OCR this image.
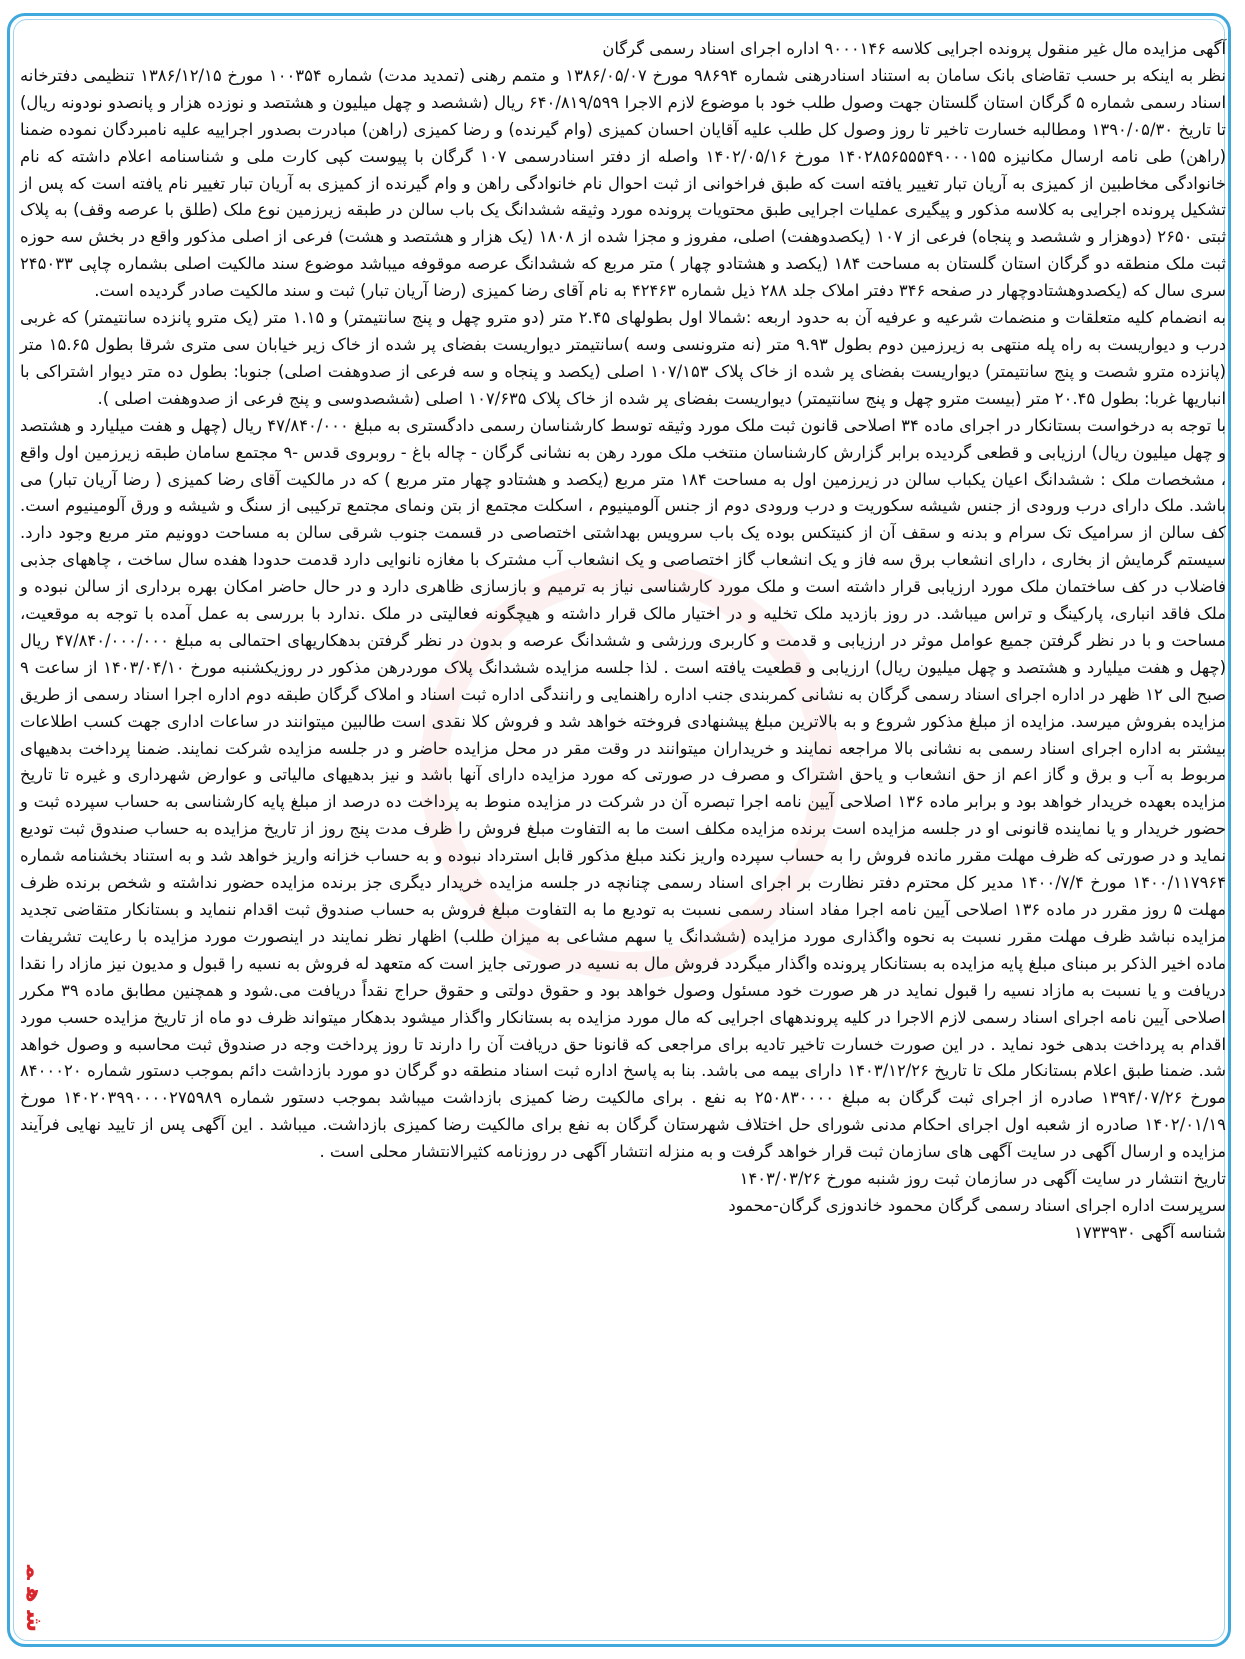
آگهی مزایده مال غیر منقول پرونده اجرایی کلاسه ۹۰۰۰۱۴۶ اداره اجرای اسناد رسمی گرگان

نظر به اینکه بر حسب تقاضای بانک سامان به استناد اسنادرهنی شماره ۹۸۶۹۴ مورخ ۱۳۸۶/۰۵/۰۷ و متمم رهنی (تمدید مدت) شماره ۱۰۰۳۵۴ مورخ ۱۳۸۶/۱۲/۱۵ تنظیمی دفترخانه اسناد رسمی شماره ۵ گرگان استان گلستان جهت وصول طلب خود با موضوع لازم الاجرا ۶۴۰/۸۱۹/۵۹۹ ریال (ششصد و چهل میلیون و هشتصد و نوزده هزار و پانصدو نودونه ریال) تا تاریخ ۱۳۹۰/۰۵/۳۰ ومطالبه خسارت تاخیر تا روز وصول کل طلب علیه آقایان احسان کمیزی (وام گیرنده) و رضا کمیزی (راهن) مبادرت بصدور اجراییه علیه نامبردگان نموده ضمنا (راهن) طی نامه ارسال مکانیزه ۱۴۰۲۸۵۶۵۵۵۴۹۰۰۰۱۵۵ مورخ ۱۴۰۲/۰۵/۱۶ واصله از دفتر اسنادرسمی ۱۰۷ گرگان با پیوست کپی کارت ملی و شناسنامه اعلام داشته که نام خانوادگی مخاطبین از کمیزی به آریان تبار تغییر یافته است که طبق فراخوانی از ثبت احوال نام خانوادگی راهن و وام گیرنده از کمیزی به آریان تبار تغییر نام یافته است که پس از تشکیل پرونده اجرایی به کلاسه مذکور و پیگیری عملیات اجرایی طبق محتویات پرونده مورد وثیقه ششدانگ یک باب سالن در طبقه زیرزمین نوع ملک (طلق با عرصه وقف) به پلاک ثبتی ۲۶۵۰ (دوهزار و ششصد و پنجاه) فرعی از ۱۰۷ (یکصدوهفت) اصلی، مفروز و مجزا شده از ۱۸۰۸ (یک هزار و هشتصد و هشت) فرعی از اصلی مذکور واقع در بخش سه حوزه ثبت ملک منطقه دو گرگان استان گلستان به مساحت ۱۸۴ (یکصد و هشتادو چهار ) متر مربع که ششدانگ عرصه موقوفه میباشد موضوع سند مالکیت اصلی بشماره چاپی ۲۴۵۰۳۳ سری سال که (یکصدوهشتادوچهار در صفحه ۳۴۶ دفتر املاک جلد ۲۸۸ ذیل شماره ۴۲۴۶۳ به نام آقای رضا کمیزی (رضا آریان تبار) ثبت و سند مالکیت صادر گردیده است.

به انضمام کلیه متعلقات و منضمات شرعیه و عرفیه آن به حدود اربعه :شمالا اول بطولهای ۲.۴۵ متر (دو مترو چهل و پنج سانتیمتر) و ۱.۱۵ متر (یک مترو پانزده سانتیمتر) که غربی درب و دیواریست به راه پله منتهی به زیرزمین دوم بطول ۹.۹۳ متر (نه مترونسی وسه )سانتیمتر دیواریست بفضای پر شده از خاک زیر خیابان سی متری شرقا بطول ۱۵.۶۵ متر (پانزده مترو شصت و پنج سانتیمتر) دیواریست بفضای پر شده از خاک پلاک ۱۰۷/۱۵۳ اصلی (یکصد و پنجاه و سه فرعی از صدوهفت اصلی) جنوبا: بطول ده متر دیوار اشتراکی با انباریها غربا: بطول ۲۰.۴۵ متر (بیست مترو چهل و پنج سانتیمتر) دیواریست بفضای پر شده از خاک پلاک ۱۰۷/۶۳۵ اصلی (ششصدوسی و پنج فرعی از صدوهفت اصلی ).

با توجه به درخواست بستانکار در اجرای ماده ۳۴ اصلاحی قانون ثبت ملک مورد وثیقه توسط کارشناسان رسمی دادگستری به مبلغ ۴۷/۸۴۰/۰۰۰ ریال (چهل و هفت میلیارد و هشتصد و چهل میلیون ریال) ارزیابی و قطعی گردیده برابر گزارش کارشناسان منتخب ملک مورد رهن به نشانی گرگان - چاله باغ - روبروی قدس -۹ مجتمع سامان طبقه زیرزمین اول واقع ، مشخصات ملک : ششدانگ اعیان یکباب سالن در زیرزمین اول به مساحت ۱۸۴ متر مربع (یکصد و هشتادو چهار متر مربع ) که در مالکیت آقای رضا کمیزی ( رضا آریان تبار) می باشد. ملک دارای درب ورودی از جنس شیشه سکوریت و درب ورودی دوم از جنس آلومینیوم ، اسکلت مجتمع از بتن ونمای مجتمع ترکیبی از سنگ و شیشه و ورق آلومینیوم است. کف سالن از سرامیک تک سرام و بدنه و سقف آن از کنیتکس بوده یک باب سرویس بهداشتی اختصاصی در قسمت جنوب شرقی سالن به مساحت دوونیم متر مربع وجود دارد. سیستم گرمایش از بخاری ، دارای انشعاب برق سه فاز و یک انشعاب گاز اختصاصی و یک انشعاب آب مشترک با مغازه نانوایی دارد قدمت حدودا هفده سال ساخت ، چاههای جذبی فاضلاب در کف ساختمان ملک مورد ارزیابی قرار داشته است و ملک مورد کارشناسی نیاز به ترمیم و بازسازی ظاهری دارد و در حال حاضر امکان بهره برداری از سالن نبوده و ملک فاقد انباری، پارکینگ و تراس میباشد. در روز بازدید ملک تخلیه و در اختیار مالک قرار داشته و هیچگونه فعالیتی در ملک .ندارد با بررسی به عمل آمده با توجه به موقعیت، مساحت و با در نظر گرفتن جمیع عوامل موثر در ارزیابی و قدمت و کاربری ورزشی و ششدانگ عرصه و بدون در نظر گرفتن بدهکاریهای احتمالی به مبلغ ۴۷/۸۴۰/۰۰۰/۰۰۰ ریال (چهل و هفت میلیارد و هشتصد و چهل میلیون ریال) ارزیابی و قطعیت یافته است . لذا جلسه مزایده ششدانگ پلاک موردرهن مذکور در روزیکشنبه مورخ ۱۴۰۳/۰۴/۱۰ از ساعت ۹ صبح الی ۱۲ ظهر در اداره اجرای اسناد رسمی گرگان به نشانی کمربندی جنب اداره راهنمایی و رانندگی اداره ثبت اسناد و املاک گرگان طبقه دوم اداره اجرا اسناد رسمی از طریق مزایده بفروش میرسد. مزایده از مبلغ مذکور شروع و به بالاترین مبلغ پیشنهادی فروخته خواهد شد و فروش کلا نقدی است طالبین میتوانند در ساعات اداری جهت کسب اطلاعات بیشتر به اداره اجرای اسناد رسمی به نشانی بالا مراجعه نمایند و خریداران میتوانند در وقت مقر در محل مزایده حاضر و در جلسه مزایده شرکت نمایند. ضمنا پرداخت بدهیهای مربوط به آب و برق و گاز اعم از حق انشعاب و یاحق اشتراک و مصرف در صورتی که مورد مزایده دارای آنها باشد و نیز بدهیهای مالیاتی و عوارض شهرداری و غیره تا تاریخ مزایده بعهده خریدار خواهد بود و برابر ماده ۱۳۶ اصلاحی آیین نامه اجرا تبصره آن در شرکت در مزایده منوط به پرداخت ده درصد از مبلغ پایه کارشناسی به حساب سپرده ثبت و حضور خریدار و یا نماینده قانونی او در جلسه مزایده است برنده مزایده مکلف است ما به التفاوت مبلغ فروش را ظرف مدت پنج روز از تاریخ مزایده به حساب صندوق ثبت تودیع نماید و در صورتی که ظرف مهلت مقرر مانده فروش را به حساب سپرده واریز نکند مبلغ مذکور قابل استرداد نبوده و به حساب خزانه واریز خواهد شد و به استناد بخشنامه شماره ۱۴۰۰/۱۱۷۹۶۴ مورخ ۱۴۰۰/۷/۴ مدیر کل محترم دفتر نظارت بر اجرای اسناد رسمی چنانچه در جلسه مزایده خریدار دیگری جز برنده مزایده حضور نداشته و شخص برنده ظرف مهلت ۵ روز مقرر در ماده ۱۳۶ اصلاحی آیین نامه اجرا مفاد اسناد رسمی نسبت به تودیع ما به التفاوت مبلغ فروش به حساب صندوق ثبت اقدام ننماید و بستانکار متقاضی تجدید مزایده نباشد ظرف مهلت مقرر نسبت به نحوه واگذاری مورد مزایده (ششدانگ یا سهم مشاعی به میزان طلب) اظهار نظر نمایند در اینصورت مورد مزایده با رعایت تشریفات ماده اخیر الذکر بر مبنای مبلغ پایه مزایده به بستانکار پرونده واگذار میگردد فروش مال به نسیه در صورتی جایز است که متعهد له فروش به نسیه را قبول و مدیون نیز مازاد را نقدا دریافت و یا نسبت به مازاد نسیه را قبول نماید در هر صورت خود مسئول وصول خواهد بود و حقوق دولتی و حقوق حراج نقداً دریافت می.شود و همچنین مطابق ماده ۳۹ مکرر اصلاحی آیین نامه اجرای اسناد رسمی لازم الاجرا در کلیه پروندههای اجرایی که مال مورد مزایده به بستانکار واگذار میشود بدهکار میتواند ظرف دو ماه از تاریخ مزایده حسب مورد اقدام به پرداخت بدهی خود نماید . در این صورت خسارت تاخیر تادیه برای مراجعی که قانونا حق دریافت آن را دارند تا روز پرداخت وجه در صندوق ثبت محاسبه و وصول خواهد شد. ضمنا طبق اعلام بستانکار ملک تا تاریخ ۱۴۰۳/۱۲/۲۶ دارای بیمه می باشد. بنا به پاسخ اداره ثبت اسناد منطقه دو گرگان دو مورد بازداشت دائم بموجب دستور شماره ۸۴۰۰۰۲۰ مورخ ۱۳۹۴/۰۷/۲۶ صادره از اجرای ثبت گرگان به مبلغ ۲۵۰۸۳۰۰۰۰ به نفع . برای مالکیت رضا کمیزی بازداشت میباشد بموجب دستور شماره ۱۴۰۲۰۳۹۹۰۰۰۰۲۷۵۹۸۹ مورخ ۱۴۰۲/۰۱/۱۹ صادره از شعبه اول اجرای احکام مدنی شورای حل اختلاف شهرستان گرگان به نفع برای مالکیت رضا کمیزی بازداشت. میباشد . این آگهی پس از تایید نهایی فرآیند مزایده و ارسال آگهی در سایت آگهی های سازمان ثبت قرار خواهد گرفت و به منزله انتشار آگهی در روزنامه کثیرالانتشار محلی است .

تاریخ انتشار در سایت آگهی در سازمان ثبت روز شنبه مورخ ۱۴۰۳/۰۳/۲۶

سرپرست اداره اجرای اسناد رسمی گرگان محمود خاندوزی گرگان-محمود

شناسه آگهی ۱۷۳۳۹۳۰

ﺷ ﻫ ﻤ
